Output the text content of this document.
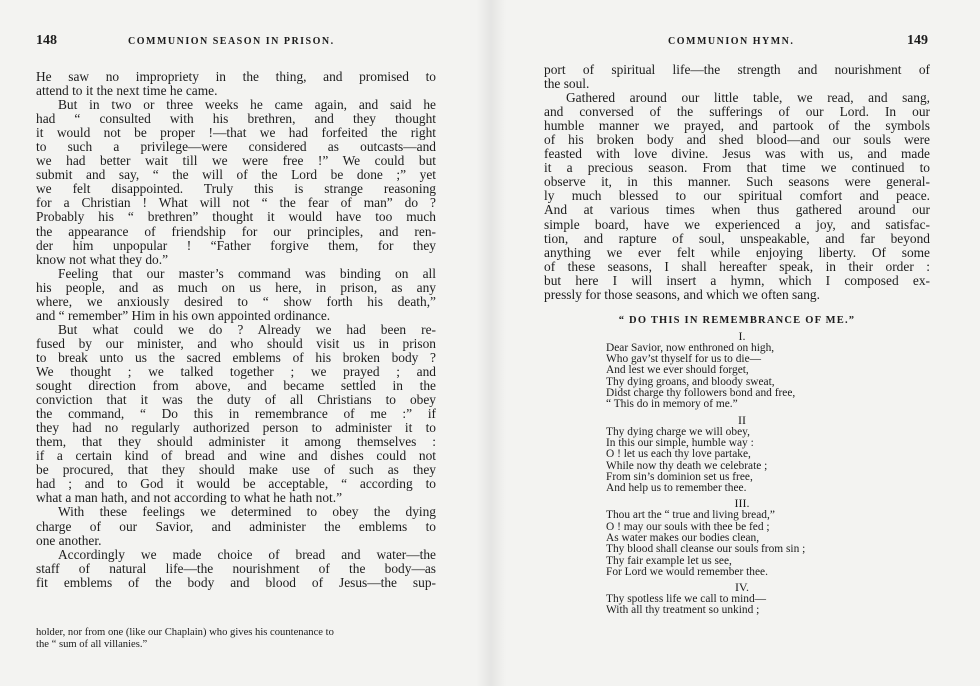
148	COMMUNION SEASON IN PRISON.
He saw no impropriety in the thing, and promised to
attend to it the next time he came.
But in two or three weeks he came again, and said he
had “ consulted with his brethren, and they thought
it would not be proper !—that we had forfeited the right
to such a privilege—were considered as outcasts—and
we had better wait till we were free !” We could but
submit and say, “ the will of the Lord be done ;” yet
we felt disappointed. Truly this is strange reasoning
for a Christian ! What will not “ the fear of man” do ?
Probably his “ brethren” thought it would have too much
the appearance of friendship for our principles, and ren-
der him unpopular ! “Father forgive them, for they
know not what they do.”
Feeling that our master’s command was binding on all
his people, and as much on us here, in prison, as any
where, we anxiously desired to “ show forth his death,”
and “ remember” Him in his own appointed ordinance.
But what could we do ? Already we had been re-
fused by our minister, and who should visit us in prison
to break unto us the sacred emblems of his broken body ?
We thought ; we talked together ; we prayed ; and
sought direction from above, and became settled in the
conviction that it was the duty of all Christians to obey
the command, “ Do this in remembrance of me :” if
they had no regularly authorized person to administer it to
them, that they should administer it among themselves :
if a certain kind of bread and wine and dishes could not
be procured, that they should make use of such as they
had ; and to God it would be acceptable, “ according to
what a man hath, and not according to what he hath not.”
With these feelings we determined to obey the dying
charge of our Savior, and administer the emblems to
one another.
Accordingly we made choice of bread and water—the
staff of natural life—the nourishment of the body—as
fit emblems of the body and blood of Jesus—the sup-
holder, nor from one (like our Chaplain) who gives his countenance to
the “ sum of all villanies.”
COMMUNION HYMN.	149
port of spiritual life—the strength and nourishment of
the soul.
Gathered around our little table, we read, and sang,
and conversed of the sufferings of our Lord. In our
humble manner we prayed, and partook of the symbols
of his broken body and shed blood—and our souls were
feasted with love divine. Jesus was with us, and made
it a precious season. From that time we continued to
observe it, in this manner. Such seasons were general-
ly much blessed to our spiritual comfort and peace.
And at various times when thus gathered around our
simple board, have we experienced a joy, and satisfac-
tion, and rapture of soul, unspeakable, and far beyond
anything we ever felt while enjoying liberty. Of some
of these seasons, I shall hereafter speak, in their order :
but here I will insert a hymn, which I composed ex-
pressly for those seasons, and which we often sang.
“ DO THIS IN REMEMBRANCE OF ME.”
I.
Dear Savior, now enthroned on high,
Who gav’st thyself for us to die—
And lest we ever should forget,
Thy dying groans, and bloody sweat,
Didst charge thy followers bond and free,
“ This do in memory of me.”
II
Thy dying charge we will obey,
In this our simple, humble way :
O ! let us each thy love partake,
While now thy death we celebrate ;
From sin’s dominion set us free,
And help us to remember thee.
III.
Thou art the “ true and living bread,”
O ! may our souls with thee be fed ;
As water makes our bodies clean,
Thy blood shall cleanse our souls from sin ;
Thy fair example let us see,
For Lord we would remember thee.
IV.
Thy spotless life we call to mind—
With all thy treatment so unkind ;
